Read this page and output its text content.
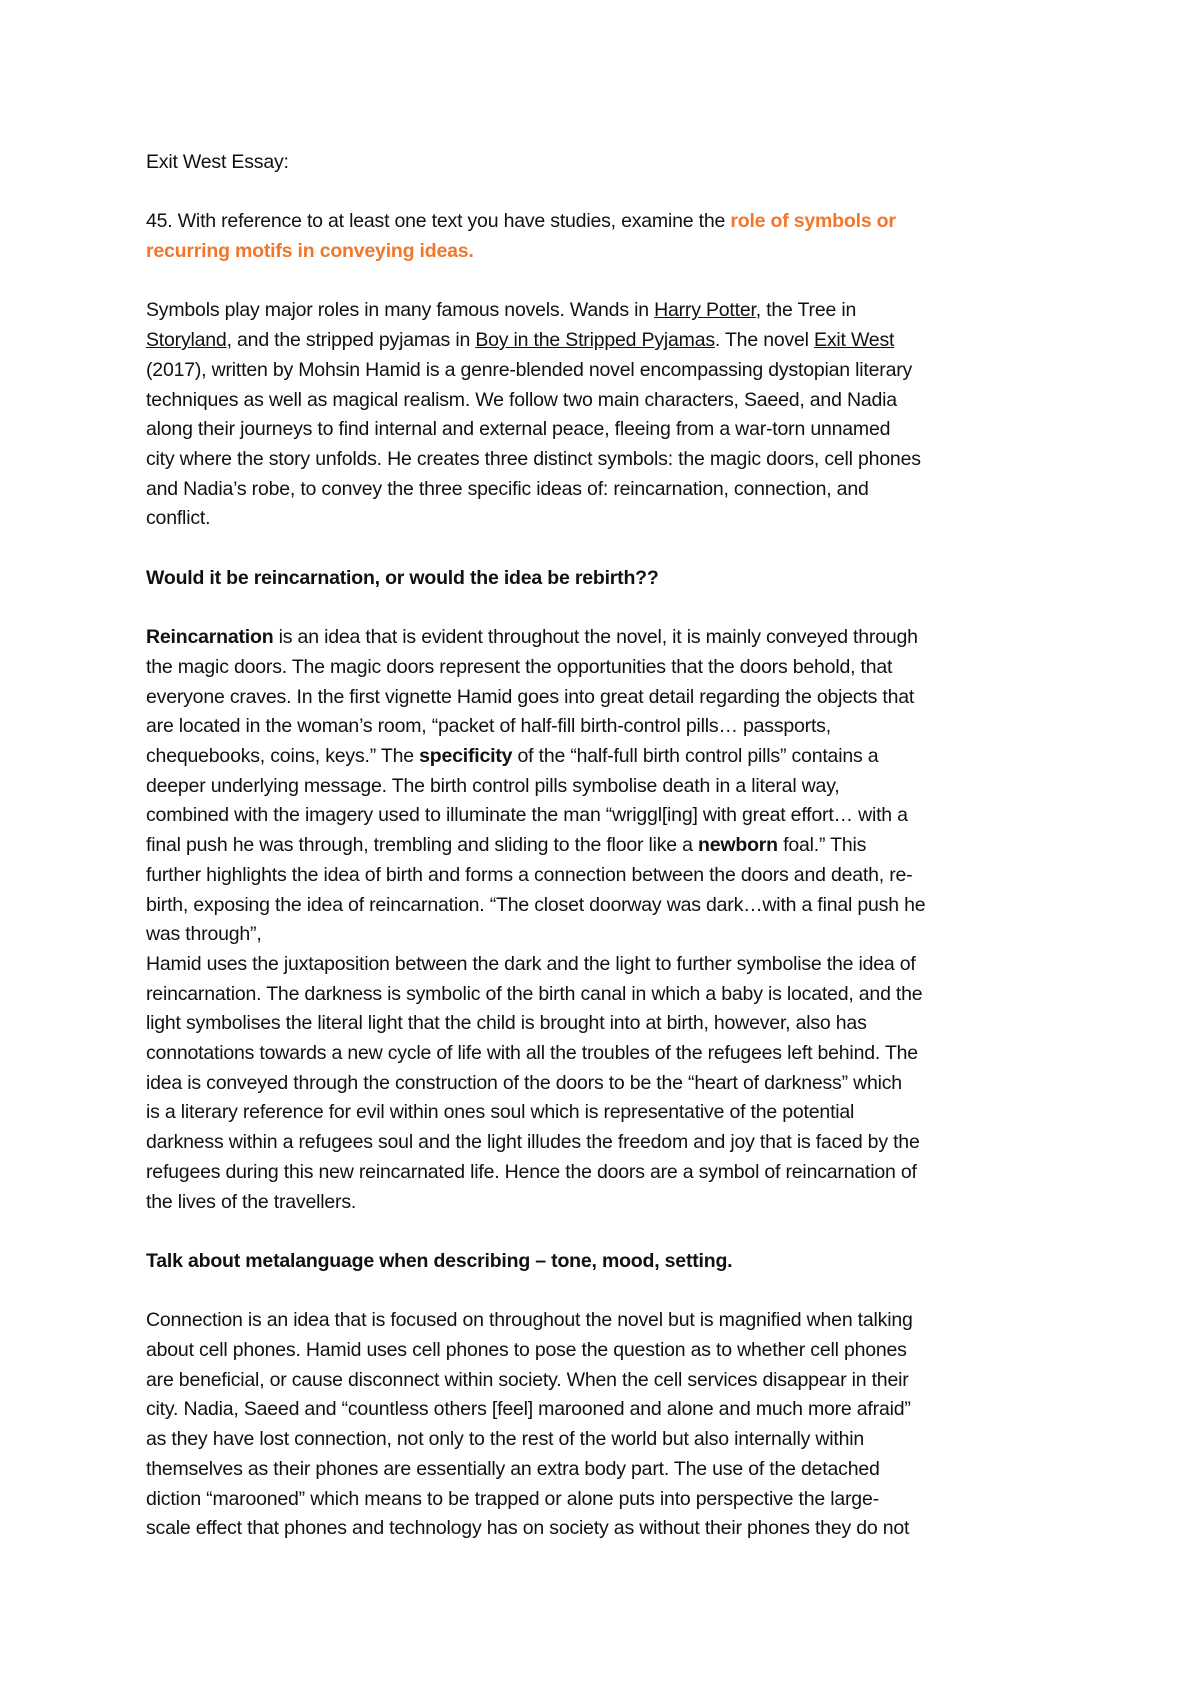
Exit West Essay:

45. With reference to at least one text you have studies, examine the role of symbols or
recurring motifs in conveying ideas.

Symbols play major roles in many famous novels. Wands in Harry Potter, the Tree in
Storyland, and the stripped pyjamas in Boy in the Stripped Pyjamas. The novel Exit West
(2017), written by Mohsin Hamid is a genre-blended novel encompassing dystopian literary
techniques as well as magical realism. We follow two main characters, Saeed, and Nadia
along their journeys to find internal and external peace, fleeing from a war-torn unnamed
city where the story unfolds. He creates three distinct symbols: the magic doors, cell phones
and Nadia’s robe, to convey the three specific ideas of: reincarnation, connection, and
conflict.

Would it be reincarnation, or would the idea be rebirth??

Reincarnation is an idea that is evident throughout the novel, it is mainly conveyed through
the magic doors. The magic doors represent the opportunities that the doors behold, that
everyone craves. In the first vignette Hamid goes into great detail regarding the objects that
are located in the woman’s room, “packet of half-fill birth-control pills… passports,
chequebooks, coins, keys.” The specificity of the “half-full birth control pills” contains a
deeper underlying message. The birth control pills symbolise death in a literal way,
combined with the imagery used to illuminate the man “wriggl[ing] with great effort… with a
final push he was through, trembling and sliding to the floor like a newborn foal.” This
further highlights the idea of birth and forms a connection between the doors and death, re-
birth, exposing the idea of reincarnation. “The closet doorway was dark…with a final push he
was through”,
Hamid uses the juxtaposition between the dark and the light to further symbolise the idea of
reincarnation. The darkness is symbolic of the birth canal in which a baby is located, and the
light symbolises the literal light that the child is brought into at birth, however, also has
connotations towards a new cycle of life with all the troubles of the refugees left behind. The
idea is conveyed through the construction of the doors to be the “heart of darkness” which
is a literary reference for evil within ones soul which is representative of the potential
darkness within a refugees soul and the light illudes the freedom and joy that is faced by the
refugees during this new reincarnated life. Hence the doors are a symbol of reincarnation of
the lives of the travellers.

Talk about metalanguage when describing – tone, mood, setting.

Connection is an idea that is focused on throughout the novel but is magnified when talking
about cell phones. Hamid uses cell phones to pose the question as to whether cell phones
are beneficial, or cause disconnect within society. When the cell services disappear in their
city. Nadia, Saeed and “countless others [feel] marooned and alone and much more afraid”
as they have lost connection, not only to the rest of the world but also internally within
themselves as their phones are essentially an extra body part. The use of the detached
diction “marooned” which means to be trapped or alone puts into perspective the large-
scale effect that phones and technology has on society as without their phones they do not
